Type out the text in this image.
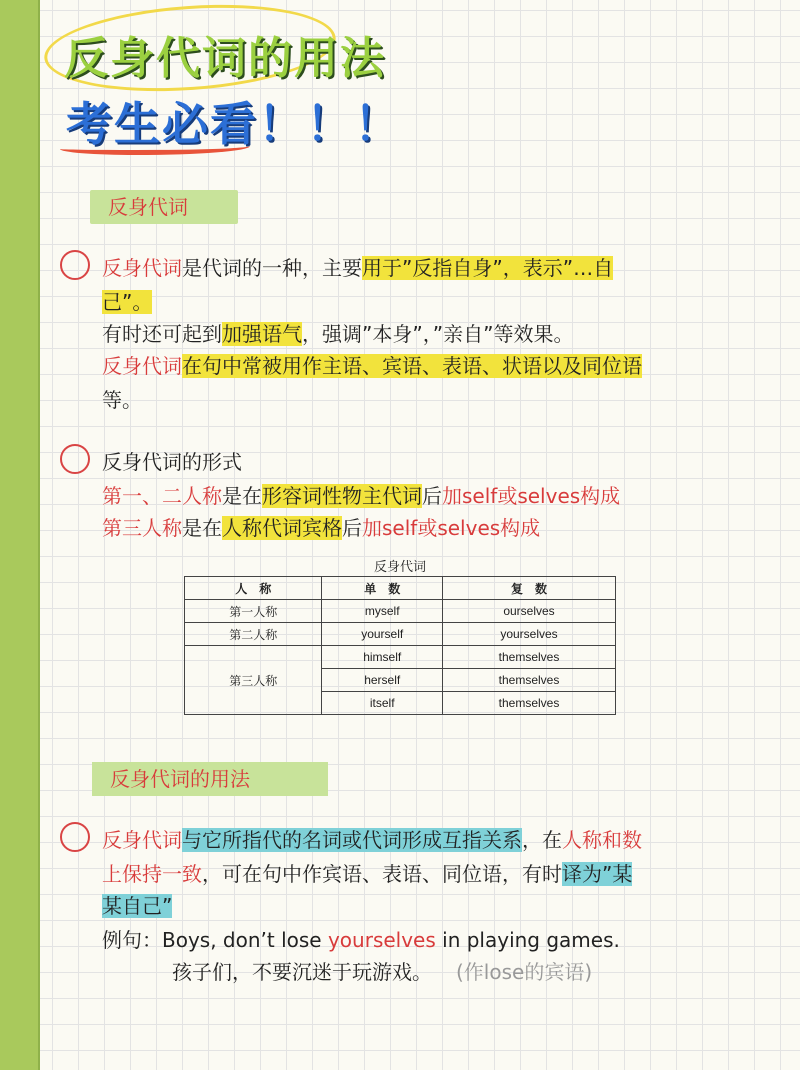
反身代词的用法
考生必看！！！
反身代词
反身代词是代词的一种，主要用于”反指自身”，表示”…自
己”。
有时还可起到加强语气，强调”本身”，”亲自”等效果。
反身代词在句中常被用作主语、宾语、表语、状语以及同位语
等。
反身代词的形式
第一、二人称是在形容词性物主代词后加self或selves构成
第三人称是在人称代词宾格后加self或selves构成
反身代词
人　称	单　数	复　数
第一人称	myself	ourselves
第二人称	yourself	yourselves
第三人称	himself	themselves
	herself	themselves
	itself	themselves
反身代词的用法
反身代词与它所指代的名词或代词形成互指关系，在人称和数
上保持一致，可在句中作宾语、表语、同位语，有时译为”某
某自己”
例句：Boys, don’t lose yourselves in playing games.
孩子们，不要沉迷于玩游戏。 (作lose的宾语)
